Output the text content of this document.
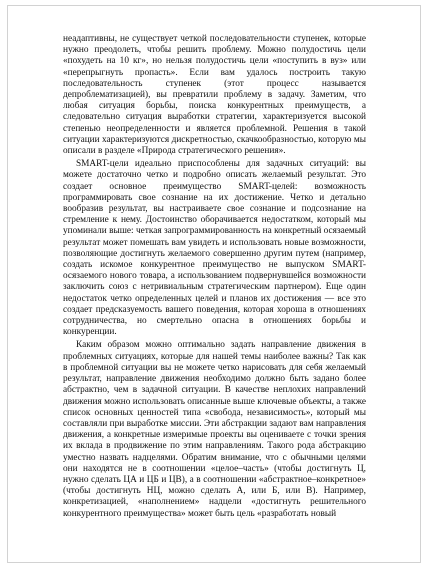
неадаптивны, не существует четкой последовательности ступенек, которые нужно преодолеть, чтобы решить проблему. Можно полудостичь цели «похудеть на 10 кг», но нельзя полудостичь цели «поступить в вуз» или «перепрыгнуть пропасть». Если вам удалось построить такую последовательность ступенек (этот процесс называется депроблематизацией), вы превратили проблему в задачу. Заметим, что любая ситуация борьбы, поиска конкурентных преимуществ, а следовательно ситуация выработки стратегии, характеризуется высокой степенью неопределенности и является проблемной. Решения в такой ситуации характеризуются дискретностью, скачкообразностью, которую мы описали в разделе «Природа стратегического решения».

SMART-цели идеально приспособлены для задачных ситуаций: вы можете достаточно четко и подробно описать желаемый результат. Это создает основное преимущество SMART-целей: возможность программировать свое сознание на их достижение. Четко и детально вообразив результат, вы настраиваете свое сознание и подсознание на стремление к нему. Достоинство оборачивается недостатком, который мы упоминали выше: четкая запрограммированность на конкретный осязаемый результат может помешать вам увидеть и использовать новые возможности, позволяющие достигнуть желаемого совершенно другим путем (например, создать искомое конкурентное преимущество не выпуском SMART-осязаемого нового товара, а использованием подвернувшейся возможности заключить союз с нетривиальным стратегическим партнером). Еще один недостаток четко определенных целей и планов их достижения — все это создает предсказуемость вашего поведения, которая хороша в отношениях сотрудничества, но смертельно опасна в отношениях борьбы и конкуренции.

Каким образом можно оптимально задать направление движения в проблемных ситуациях, которые для нашей темы наиболее важны? Так как в проблемной ситуации вы не можете четко нарисовать для себя желаемый результат, направление движения необходимо должно быть задано более абстрактно, чем в задачной ситуации. В качестве неплохих направлений движения можно использовать описанные выше ключевые объекты, а также список основных ценностей типа «свобода, независимость», который мы составляли при выработке миссии. Эти абстракции задают вам направления движения, а конкретные измеримые проекты вы оцениваете с точки зрения их вклада в продвижение по этим направлениям. Такого рода абстракцию уместно назвать надцелями. Обратим внимание, что с обычными целями они находятся не в соотношении «целое–часть» (чтобы достигнуть Ц, нужно сделать ЦА и ЦБ и ЦВ), а в соотношении «абстрактное–конкретное» (чтобы достигнуть НЦ, можно сделать А, или Б, или В). Например, конкретизацией, «наполнением» надцели «достигнуть решительного конкурентного преимущества» может быть цель «разработать новый
